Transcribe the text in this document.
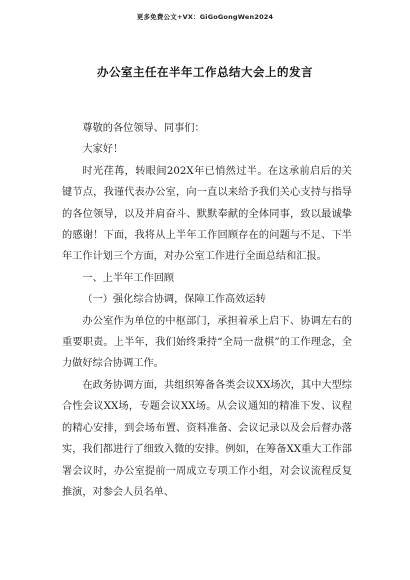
更多免费公文+VX：GiGoGongWen2024
办公室主任在半年工作总结大会上的发言

尊敬的各位领导、同事们：

大家好！

时光荏苒，转眼间202X年已悄然过半。在这承前启后的关键节点，我谨代表办公室，向一直以来给予我们关心支持与指导的各位领导，以及并肩奋斗、默默奉献的全体同事，致以最诚挚的感谢！下面，我将从上半年工作回顾存在的问题与不足、下半年工作计划三个方面，对办公室工作进行全面总结和汇报。

一、上半年工作回顾

（一）强化综合协调，保障工作高效运转

办公室作为单位的中枢部门，承担着承上启下、协调左右的重要职责。上半年，我们始终秉持“全局一盘棋”的工作理念，全力做好综合协调工作。

在政务协调方面，共组织筹备各类会议XX场次，其中大型综合性会议XX场，专题会议XX场。从会议通知的精准下发、议程的精心安排，到会场布置、资料准备、会议记录以及会后督办落实，我们都进行了细致入微的安排。例如，在筹备XX重大工作部署会议时，办公室提前一周成立专项工作小组，对会议流程反复推演，对参会人员名单、
